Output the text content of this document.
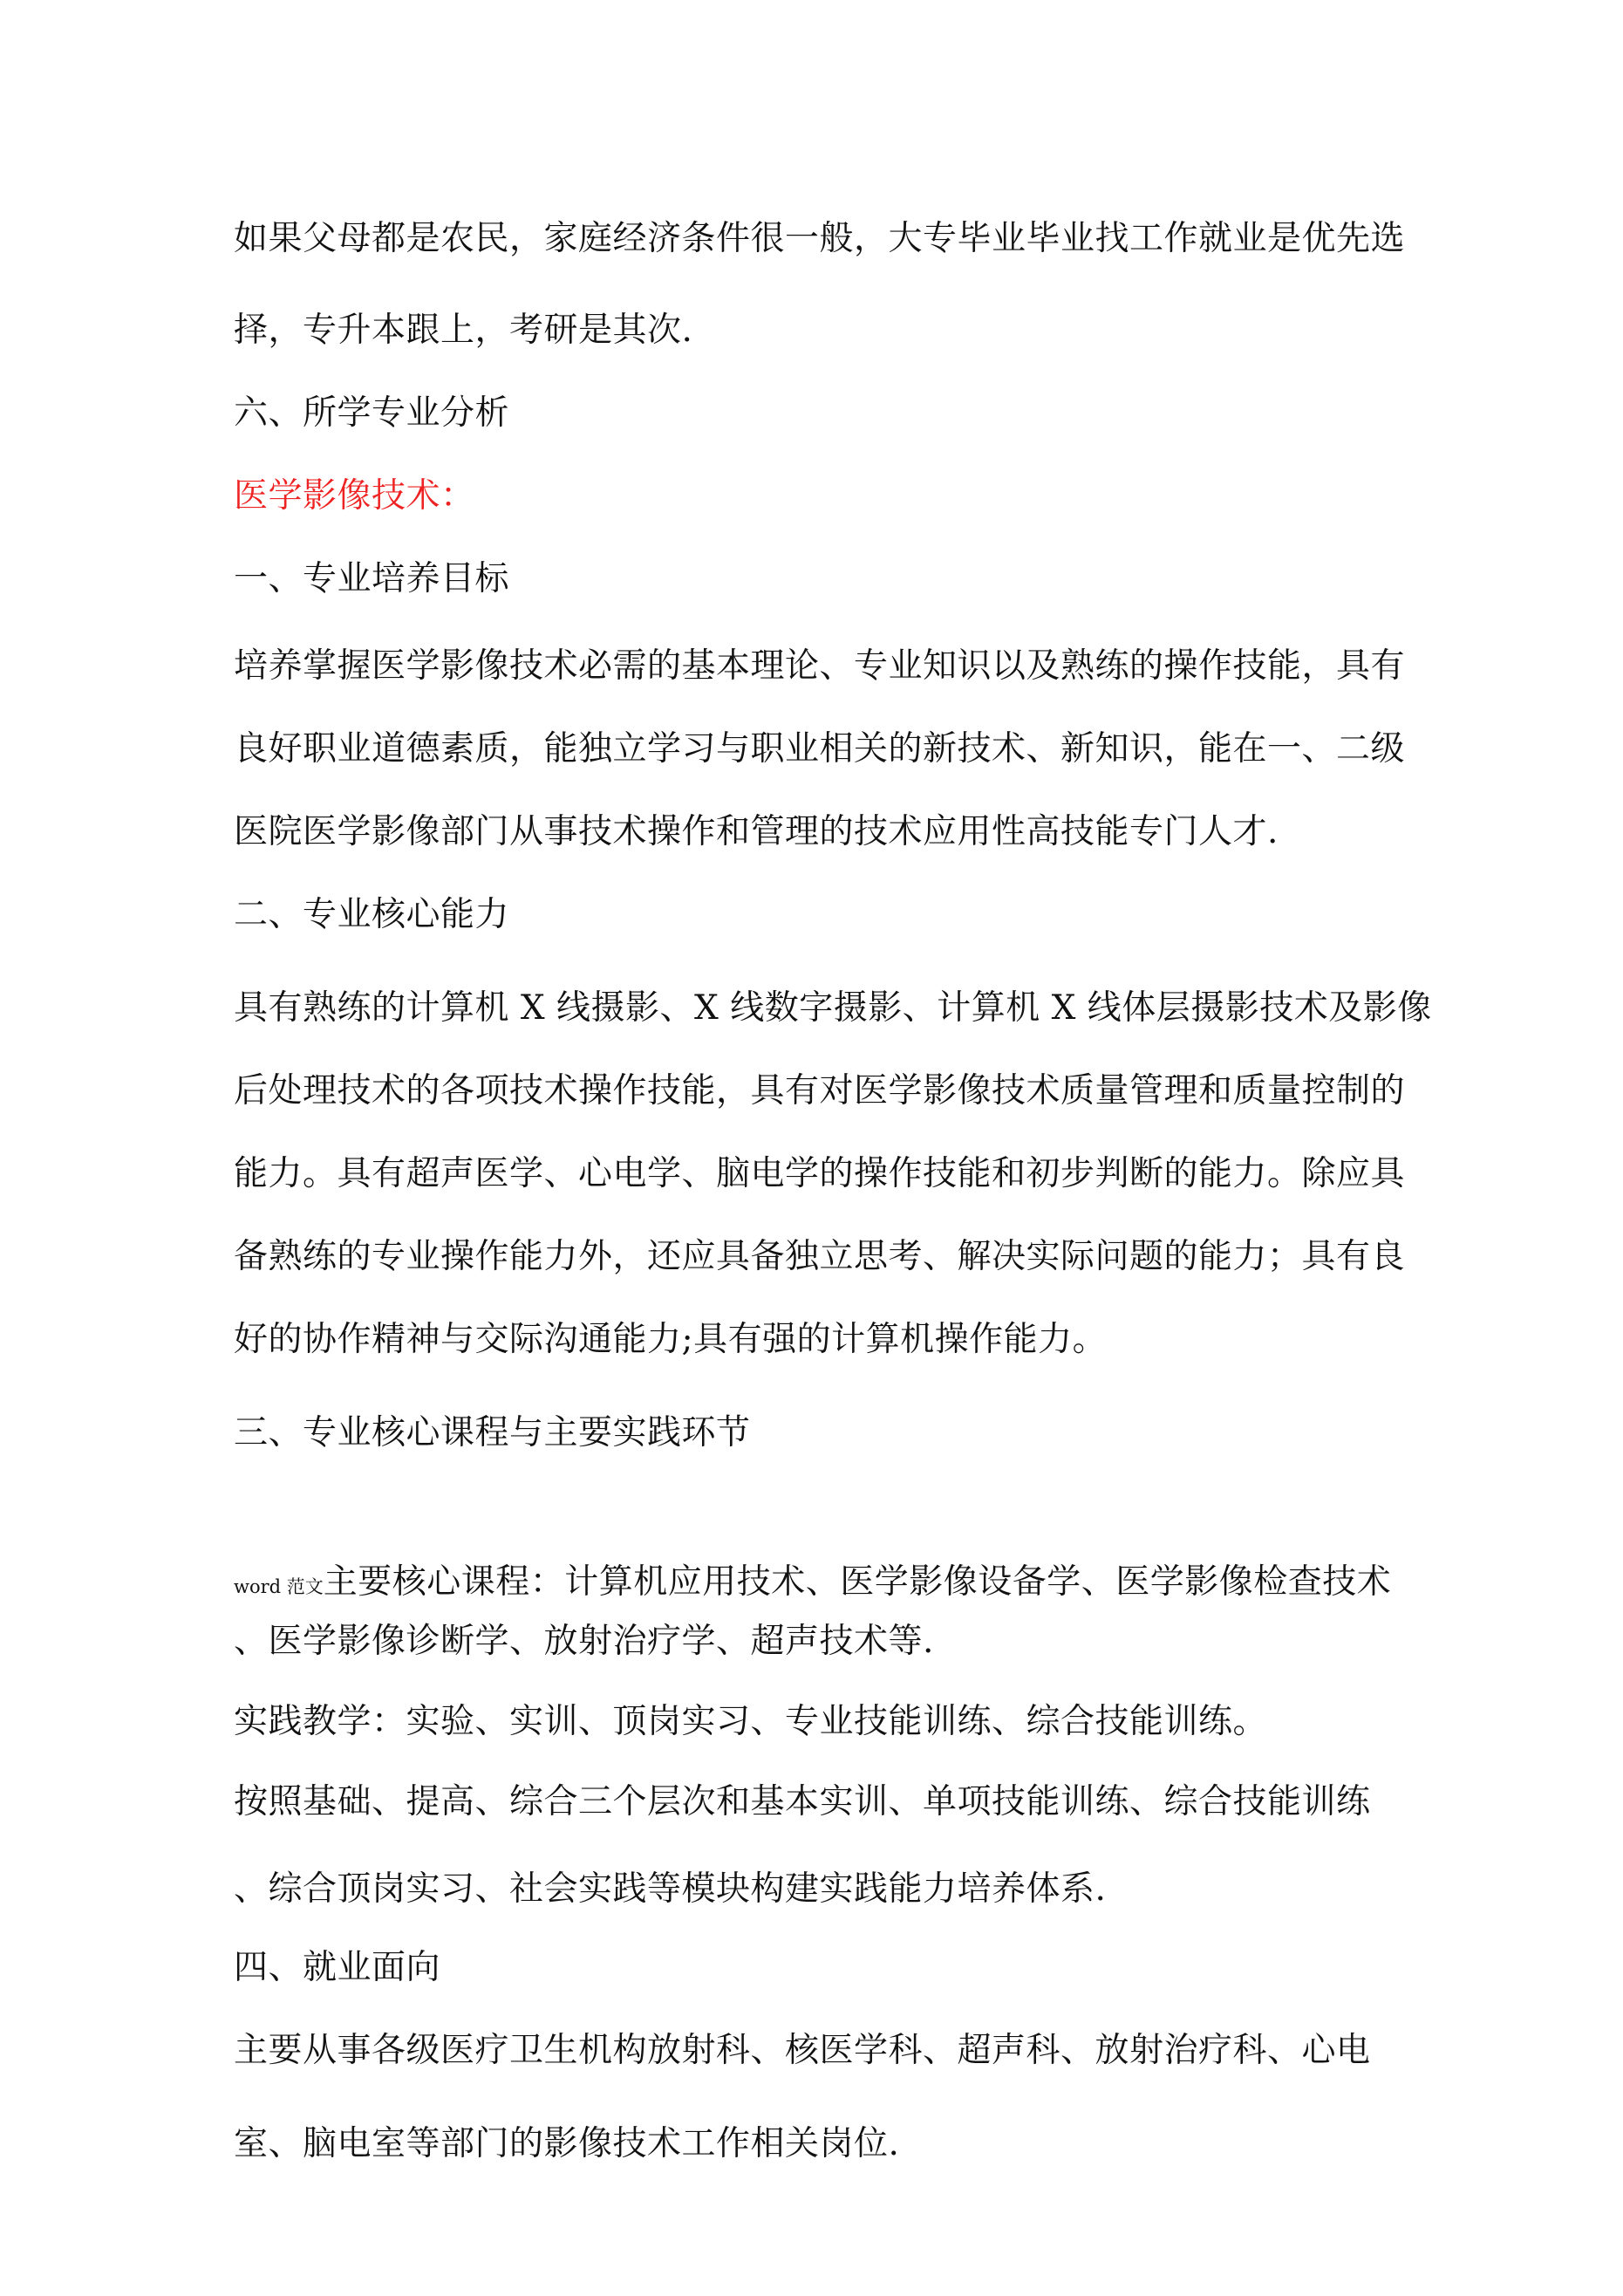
如果父母都是农民，家庭经济条件很一般，大专毕业毕业找工作就业是优先选
择，专升本跟上，考研是其次.
六、所学专业分析
医学影像技术：
一、专业培养目标
培养掌握医学影像技术必需的基本理论、专业知识以及熟练的操作技能，具有
良好职业道德素质，能独立学习与职业相关的新技术、新知识，能在一、二级
医院医学影像部门从事技术操作和管理的技术应用性高技能专门人才.
二、专业核心能力
具有熟练的计算机 X 线摄影、X 线数字摄影、计算机 X 线体层摄影技术及影像
后处理技术的各项技术操作技能，具有对医学影像技术质量管理和质量控制的
能力。具有超声医学、心电学、脑电学的操作技能和初步判断的能力。除应具
备熟练的专业操作能力外，还应具备独立思考、解决实际问题的能力；具有良
好的协作精神与交际沟通能力;具有强的计算机操作能力。
三、专业核心课程与主要实践环节
word 范文主要核心课程：计算机应用技术、医学影像设备学、医学影像检查技术
、医学影像诊断学、放射治疗学、超声技术等.
实践教学：实验、实训、顶岗实习、专业技能训练、综合技能训练。
按照基础、提高、综合三个层次和基本实训、单项技能训练、综合技能训练
、综合顶岗实习、社会实践等模块构建实践能力培养体系.
四、就业面向
主要从事各级医疗卫生机构放射科、核医学科、超声科、放射治疗科、心电
室、脑电室等部门的影像技术工作相关岗位.
